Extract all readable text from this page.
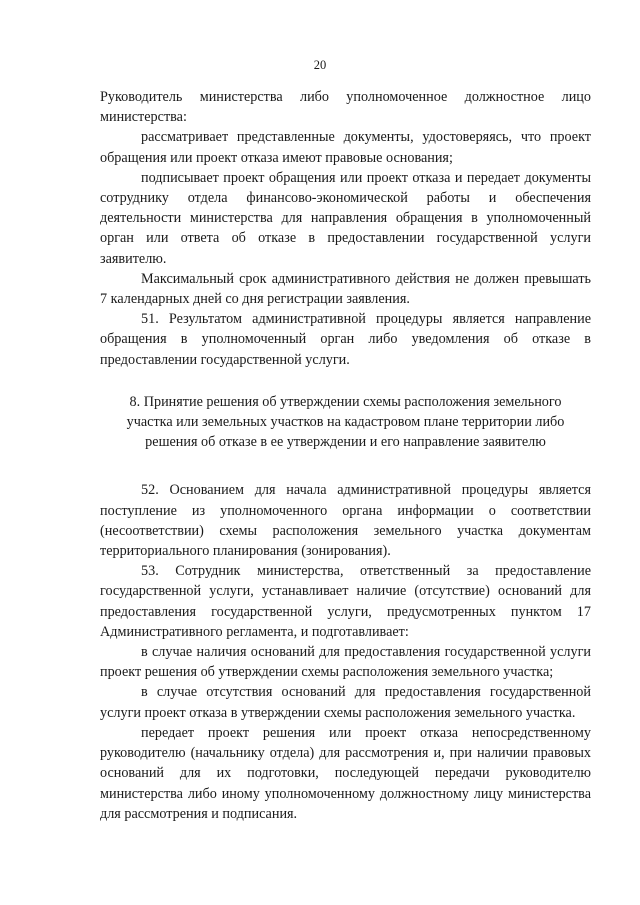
20

Руководитель министерства либо уполномоченное должностное лицо министерства:

рассматривает представленные документы, удостоверяясь, что проект обращения или проект отказа имеют правовые основания;

подписывает проект обращения или проект отказа и передает документы сотруднику отдела финансово-экономической работы и обеспечения деятельности министерства для направления обращения в уполномоченный орган или ответа об отказе в предоставлении государственной услуги заявителю.

Максимальный срок административного действия не должен превышать 7 календарных дней со дня регистрации заявления.

51. Результатом административной процедуры является направление обращения в уполномоченный орган либо уведомления об отказе в предоставлении государственной услуги.

8. Принятие решения об утверждении схемы расположения земельного участка или земельных участков на кадастровом плане территории либо решения об отказе в ее утверждении и его направление заявителю

52. Основанием для начала административной процедуры является поступление из уполномоченного органа информации о соответствии (несоответствии) схемы расположения земельного участка документам территориального планирования (зонирования).

53. Сотрудник министерства, ответственный за предоставление государственной услуги, устанавливает наличие (отсутствие) оснований для предоставления государственной услуги, предусмотренных пунктом 17 Административного регламента, и подготавливает:

в случае наличия оснований для предоставления государственной услуги проект решения об утверждении схемы расположения земельного участка;

в случае отсутствия оснований для предоставления государственной услуги проект отказа в утверждении схемы расположения земельного участка.

передает проект решения или проект отказа непосредственному руководителю (начальнику отдела) для рассмотрения и, при наличии правовых оснований для их подготовки, последующей передачи руководителю министерства либо иному уполномоченному должностному лицу министерства для рассмотрения и подписания.
